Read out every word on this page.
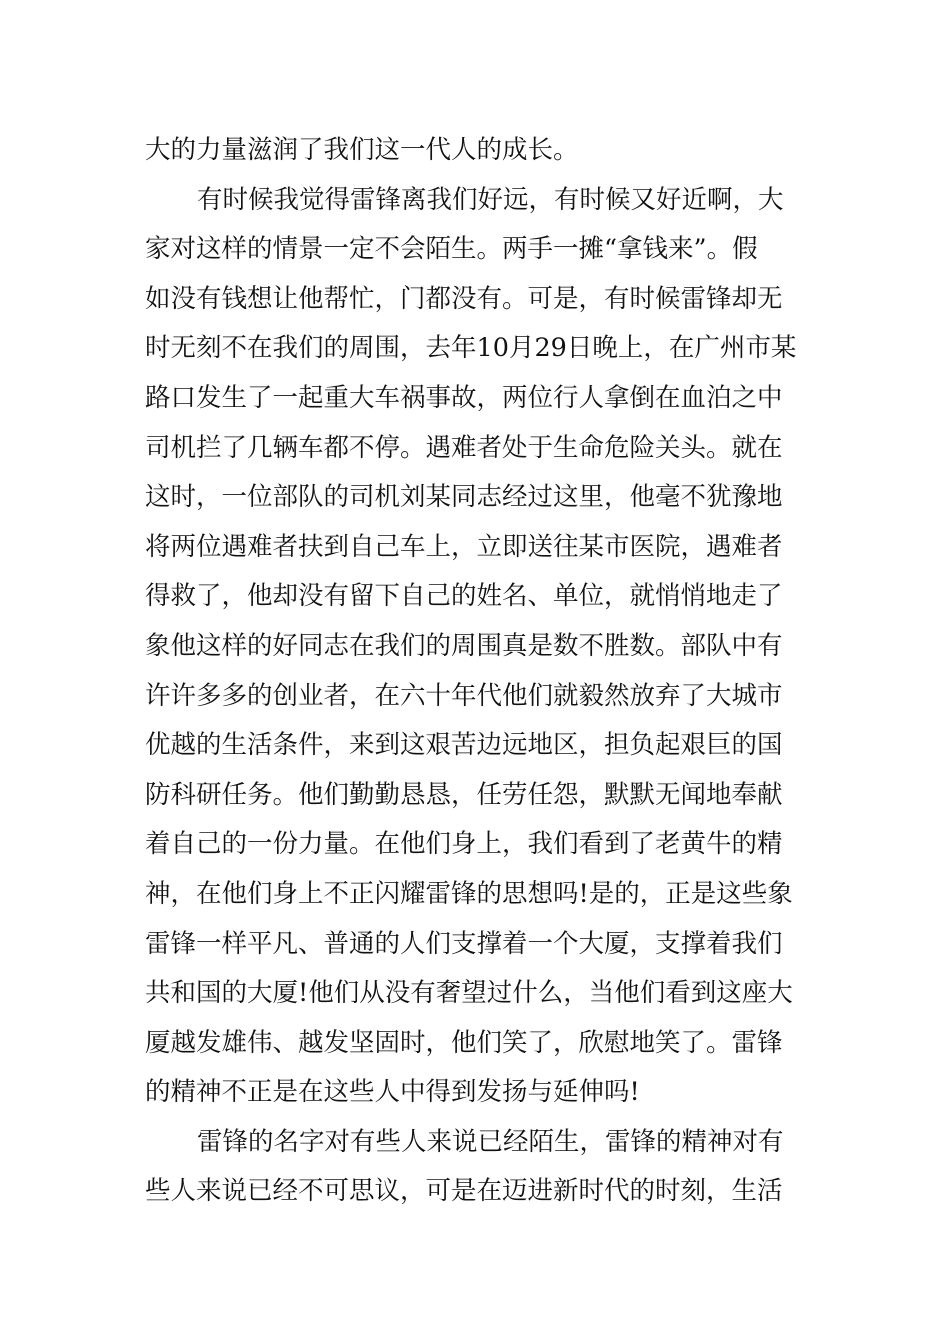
大的力量滋润了我们这一代人的成长。
有时候我觉得雷锋离我们好远，有时候又好近啊，大
家对这样的情景一定不会陌生。两手一摊“拿钱来”。假
如没有钱想让他帮忙，门都没有。可是，有时候雷锋却无
时无刻不在我们的周围，去年10月29日晚上，在广州市某
路口发生了一起重大车祸事故，两位行人拿倒在血泊之中
司机拦了几辆车都不停。遇难者处于生命危险关头。就在
这时，一位部队的司机刘某同志经过这里，他毫不犹豫地
将两位遇难者扶到自己车上，立即送往某市医院，遇难者
得救了，他却没有留下自己的姓名、单位，就悄悄地走了
象他这样的好同志在我们的周围真是数不胜数。部队中有
许许多多的创业者，在六十年代他们就毅然放弃了大城市
优越的生活条件，来到这艰苦边远地区，担负起艰巨的国
防科研任务。他们勤勤恳恳，任劳任怨，默默无闻地奉献
着自己的一份力量。在他们身上，我们看到了老黄牛的精
神，在他们身上不正闪耀雷锋的思想吗!是的，正是这些象
雷锋一样平凡、普通的人们支撑着一个大厦，支撑着我们
共和国的大厦!他们从没有奢望过什么，当他们看到这座大
厦越发雄伟、越发坚固时，他们笑了，欣慰地笑了。雷锋
的精神不正是在这些人中得到发扬与延伸吗!
雷锋的名字对有些人来说已经陌生，雷锋的精神对有
些人来说已经不可思议，可是在迈进新时代的时刻，生活
